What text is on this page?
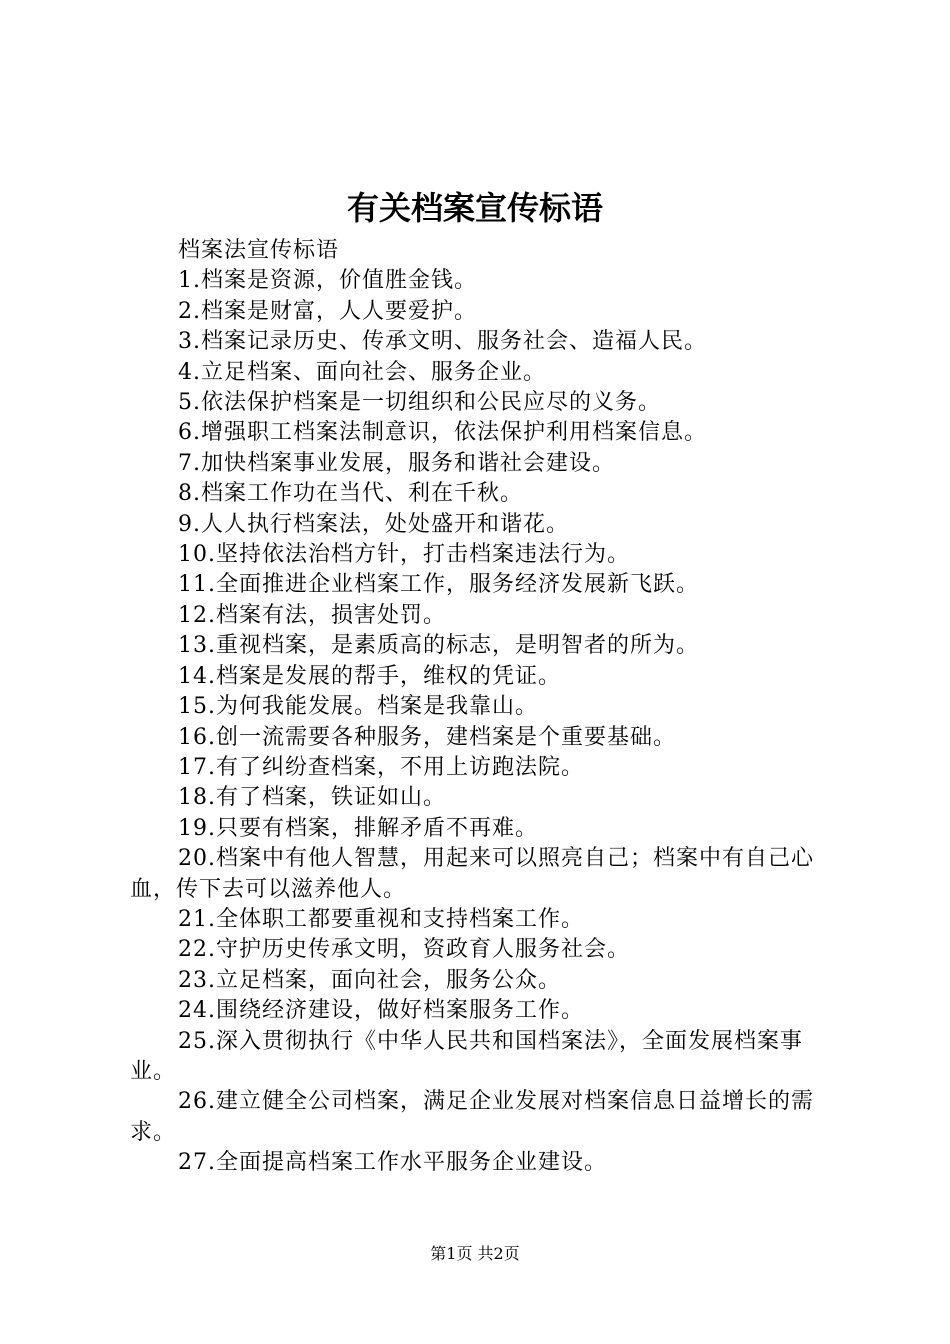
有关档案宣传标语

档案法宣传标语

1.档案是资源，价值胜金钱。

2.档案是财富，人人要爱护。

3.档案记录历史、传承文明、服务社会、造福人民。

4.立足档案、面向社会、服务企业。

5.依法保护档案是一切组织和公民应尽的义务。

6.增强职工档案法制意识，依法保护利用档案信息。

7.加快档案事业发展，服务和谐社会建设。

8.档案工作功在当代、利在千秋。

9.人人执行档案法，处处盛开和谐花。

10.坚持依法治档方针，打击档案违法行为。

11.全面推进企业档案工作，服务经济发展新飞跃。

12.档案有法，损害处罚。

13.重视档案，是素质高的标志，是明智者的所为。

14.档案是发展的帮手，维权的凭证。

15.为何我能发展。档案是我靠山。

16.创一流需要各种服务，建档案是个重要基础。

17.有了纠纷查档案，不用上访跑法院。

18.有了档案，铁证如山。

19.只要有档案，排解矛盾不再难。

20.档案中有他人智慧，用起来可以照亮自己；档案中有自己心血，传下去可以滋养他人。

21.全体职工都要重视和支持档案工作。

22.守护历史传承文明，资政育人服务社会。

23.立足档案，面向社会，服务公众。

24.围绕经济建设，做好档案服务工作。

25.深入贯彻执行《中华人民共和国档案法》，全面发展档案事业。

26.建立健全公司档案，满足企业发展对档案信息日益增长的需求。

27.全面提高档案工作水平服务企业建设。

第1页 共2页
